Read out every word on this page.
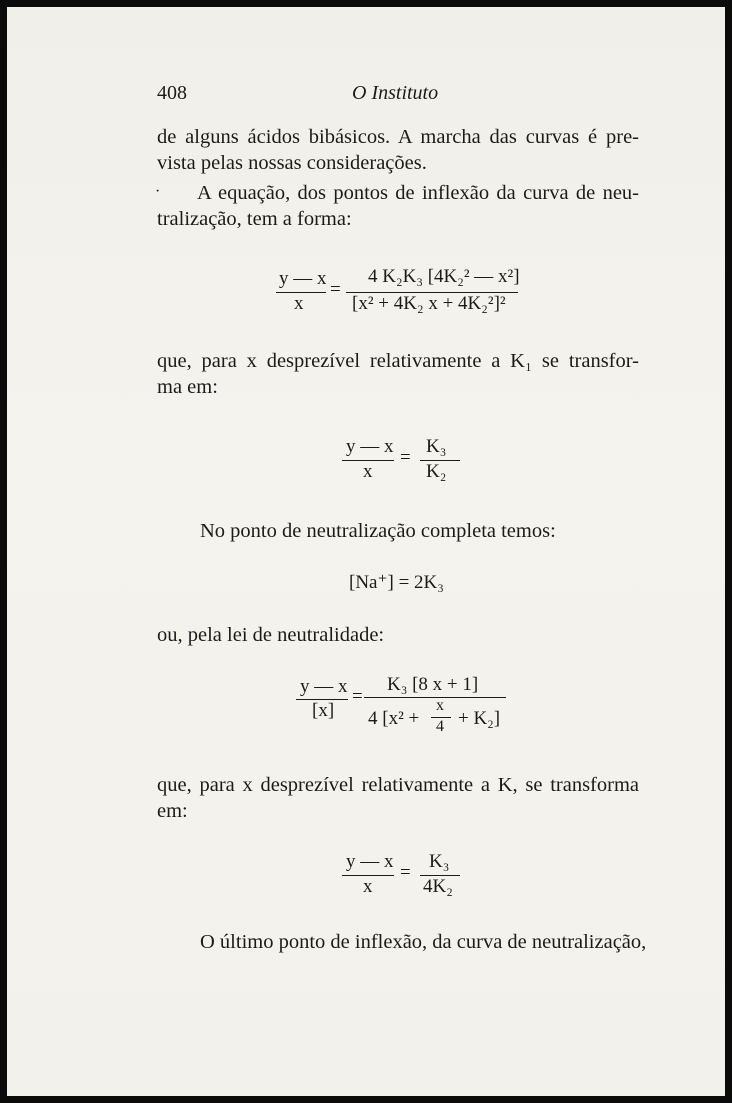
408	O Instituto
de alguns ácidos bibásicos. A marcha das curvas é pre-
vista pelas nossas considerações.
·	A equação, dos pontos de inflexão da curva de neu-
tralização, tem a forma:
y — x
x
=
4 K₂K₃ [4K₂² — x²]
[x² + 4K₂ x + 4K₂²]²
que, para x desprezível relativamente a K₁ se transfor-
ma em:
y — x
x
=
K₃
K₂
No ponto de neutralização completa temos:
[Na⁺] = 2K₃
ou, pela lei de neutralidade:
y — x
[x]
=
K₃ [8 x + 1]
4 [x² +
x
4 + K₂]
que, para x desprezível relativamente a K, se transforma
em:
y — x
x
=
K₃
4K₂
O último ponto de inflexão, da curva de neutralização,
